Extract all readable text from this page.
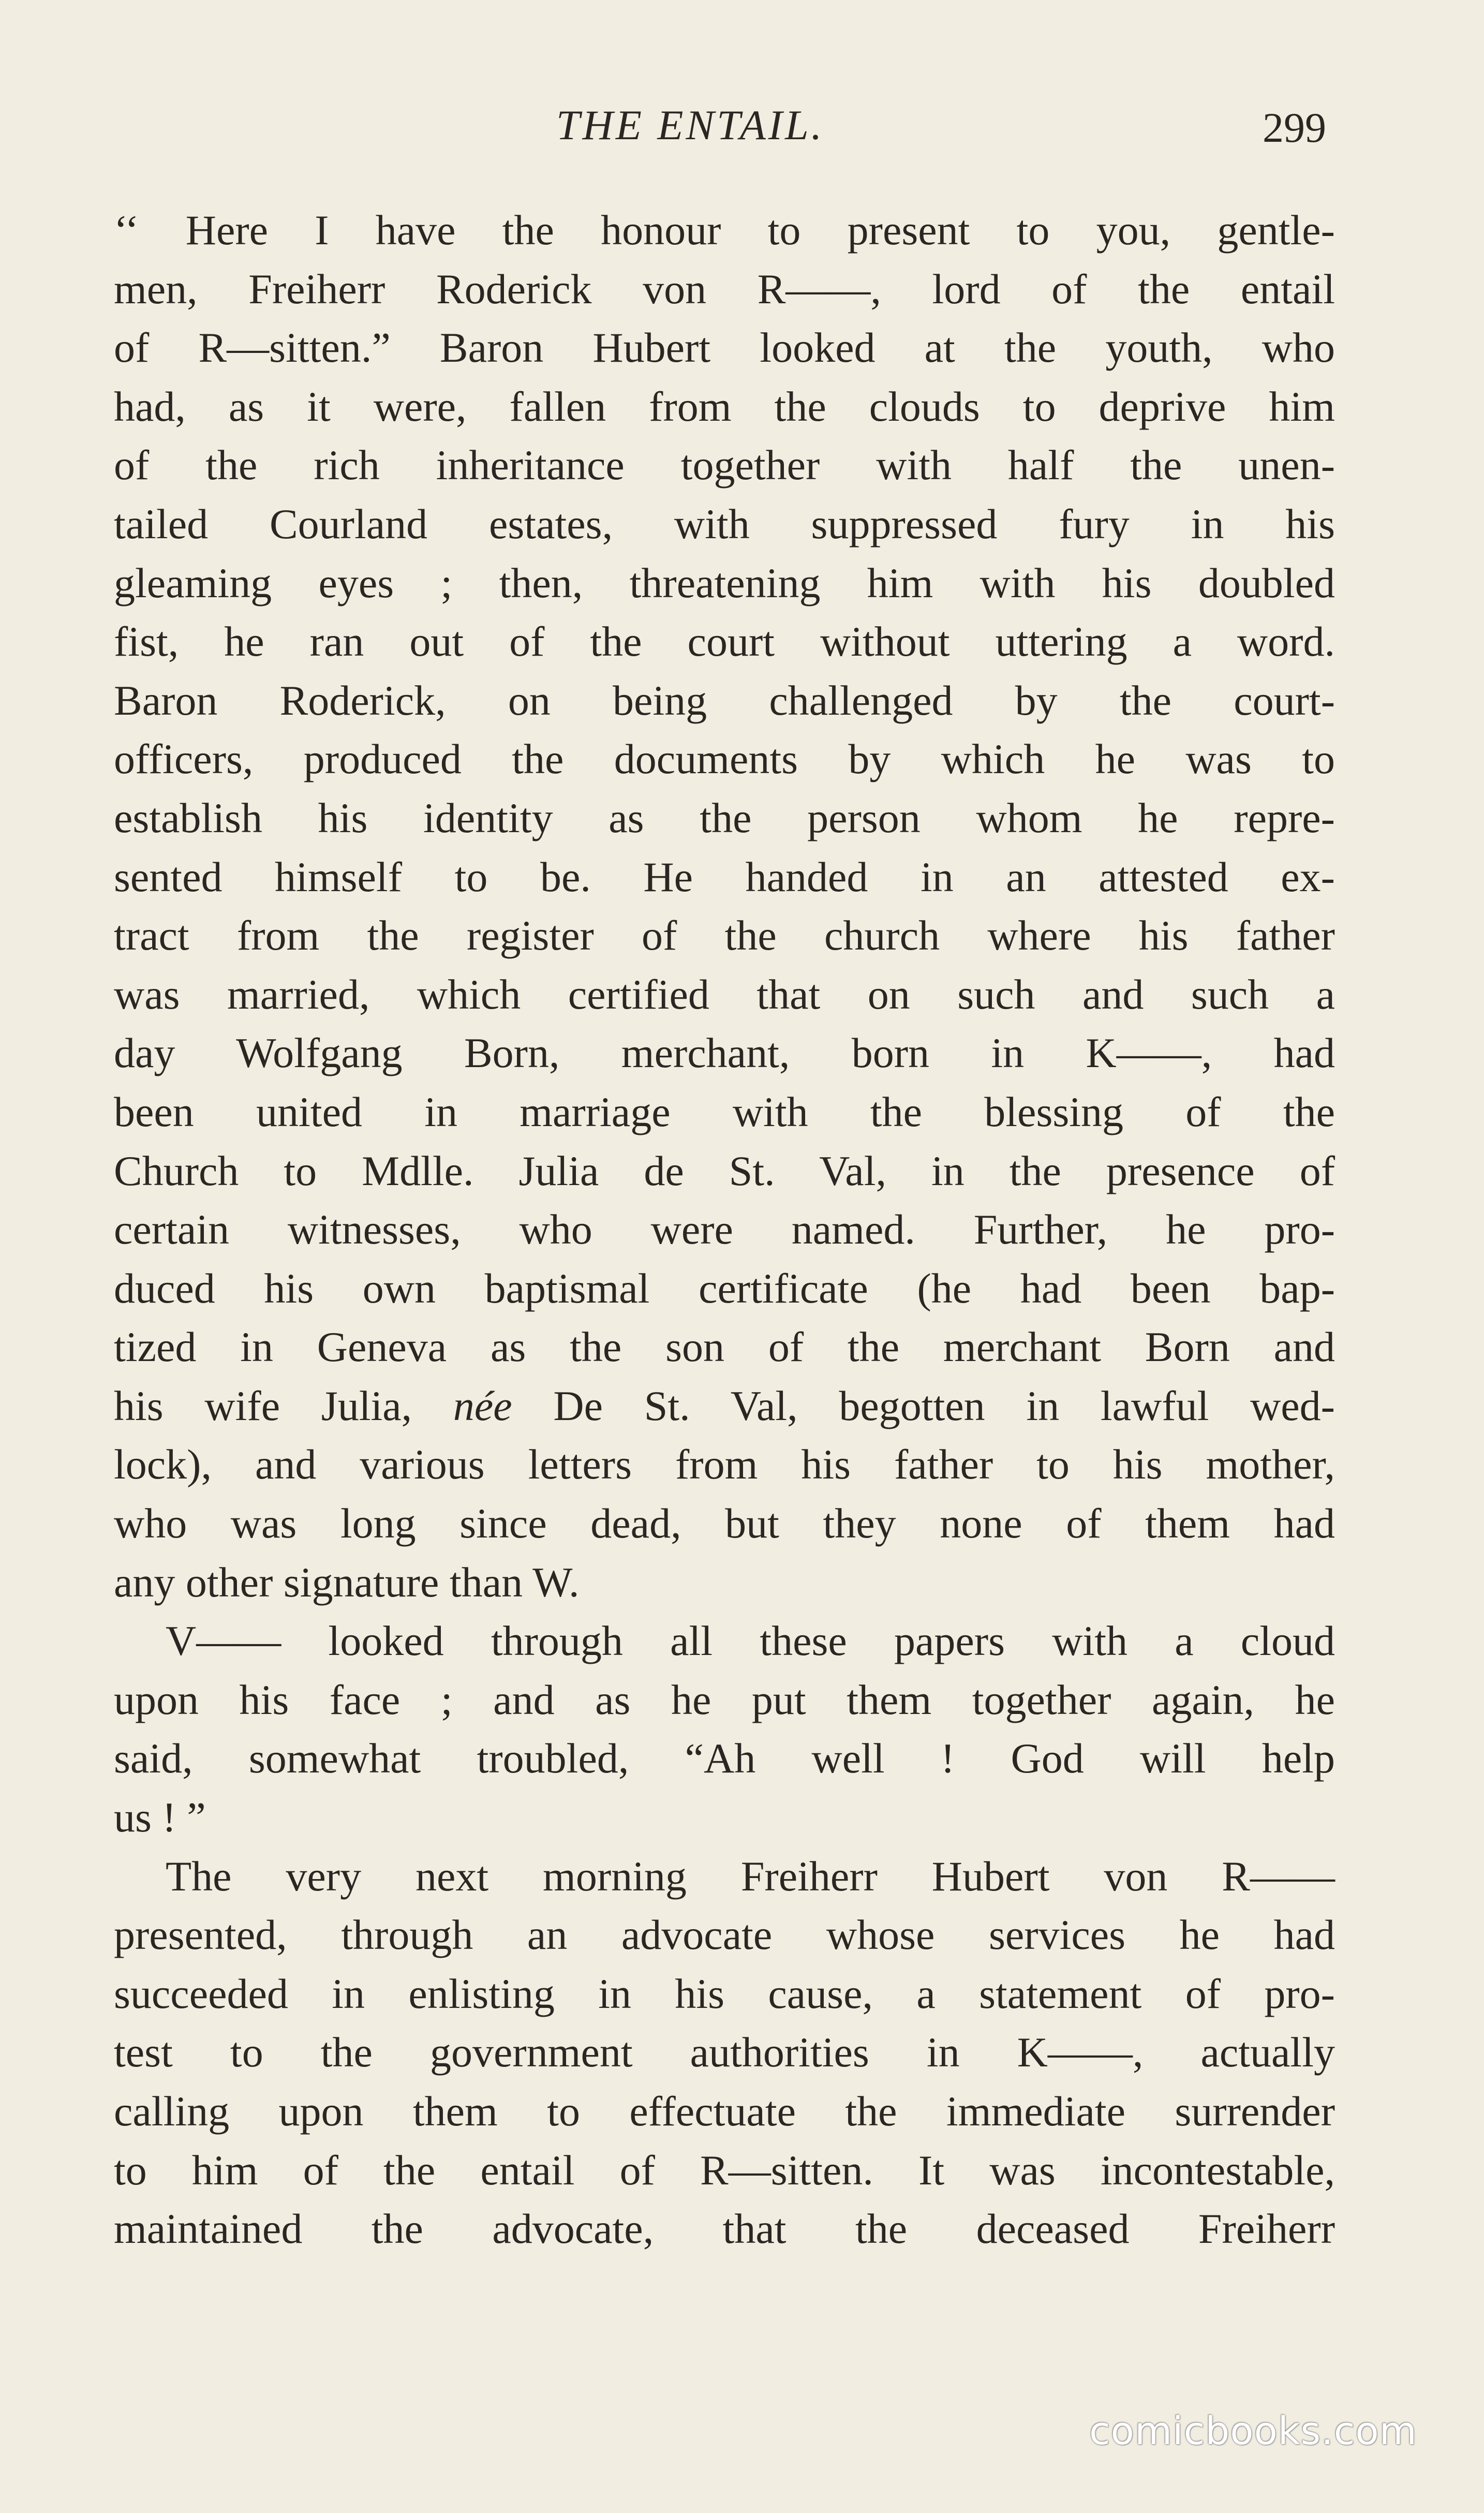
THE ENTAIL.	299
‘‘ Here I have the honour to present to you, gentle-
men, Freiherr Roderick von R——, lord of the entail
of R—sitten.” Baron Hubert looked at the youth, who
had, as it were, fallen from the clouds to deprive him
of the rich inheritance together with half the unen-
tailed Courland estates, with suppressed fury in his
gleaming eyes ; then, threatening him with his doubled
fist, he ran out of the court without uttering a word.
Baron Roderick, on being challenged by the court-
officers, produced the documents by which he was to
establish his identity as the person whom he repre-
sented himself to be. He handed in an attested ex-
tract from the register of the church where his father
was married, which certified that on such and such a
day Wolfgang Born, merchant, born in K——, had
been united in marriage with the blessing of the
Church to Mdlle. Julia de St. Val, in the presence of
certain witnesses, who were named. Further, he pro-
duced his own baptismal certificate (he had been bap-
tized in Geneva as the son of the merchant Born and
his wife Julia, née De St. Val, begotten in lawful wed-
lock), and various letters from his father to his mother,
who was long since dead, but they none of them had
any other signature than W.
V—— looked through all these papers with a cloud
upon his face ; and as he put them together again, he
said, somewhat troubled, “Ah well ! God will help
us ! ”
The very next morning Freiherr Hubert von R——
presented, through an advocate whose services he had
succeeded in enlisting in his cause, a statement of pro-
test to the government authorities in K——, actually
calling upon them to effectuate the immediate surrender
to him of the entail of R—sitten. It was incontestable,
maintained the advocate, that the deceased Freiherr
comicbooks.com
